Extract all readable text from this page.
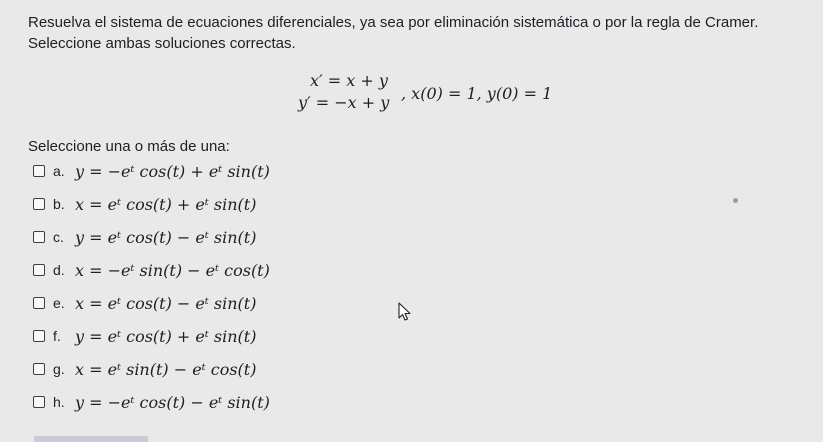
Resuelva el sistema de ecuaciones diferenciales, ya sea por eliminación sistemática o por la regla de Cramer.

Seleccione ambas soluciones correctas.

x′ = x + y
y′ = −x + y , x(0) = 1, y(0) = 1
Seleccione una o más de una:
a. y = −eᵗ cos(t) + eᵗ sin(t)
b. x = eᵗ cos(t) + eᵗ sin(t)
c. y = eᵗ cos(t) − eᵗ sin(t)
d. x = −eᵗ sin(t) − eᵗ cos(t)
e. x = eᵗ cos(t) − eᵗ sin(t)
f. y = eᵗ cos(t) + eᵗ sin(t)
g. x = eᵗ sin(t) − eᵗ cos(t)
h. y = −eᵗ cos(t) − eᵗ sin(t)
